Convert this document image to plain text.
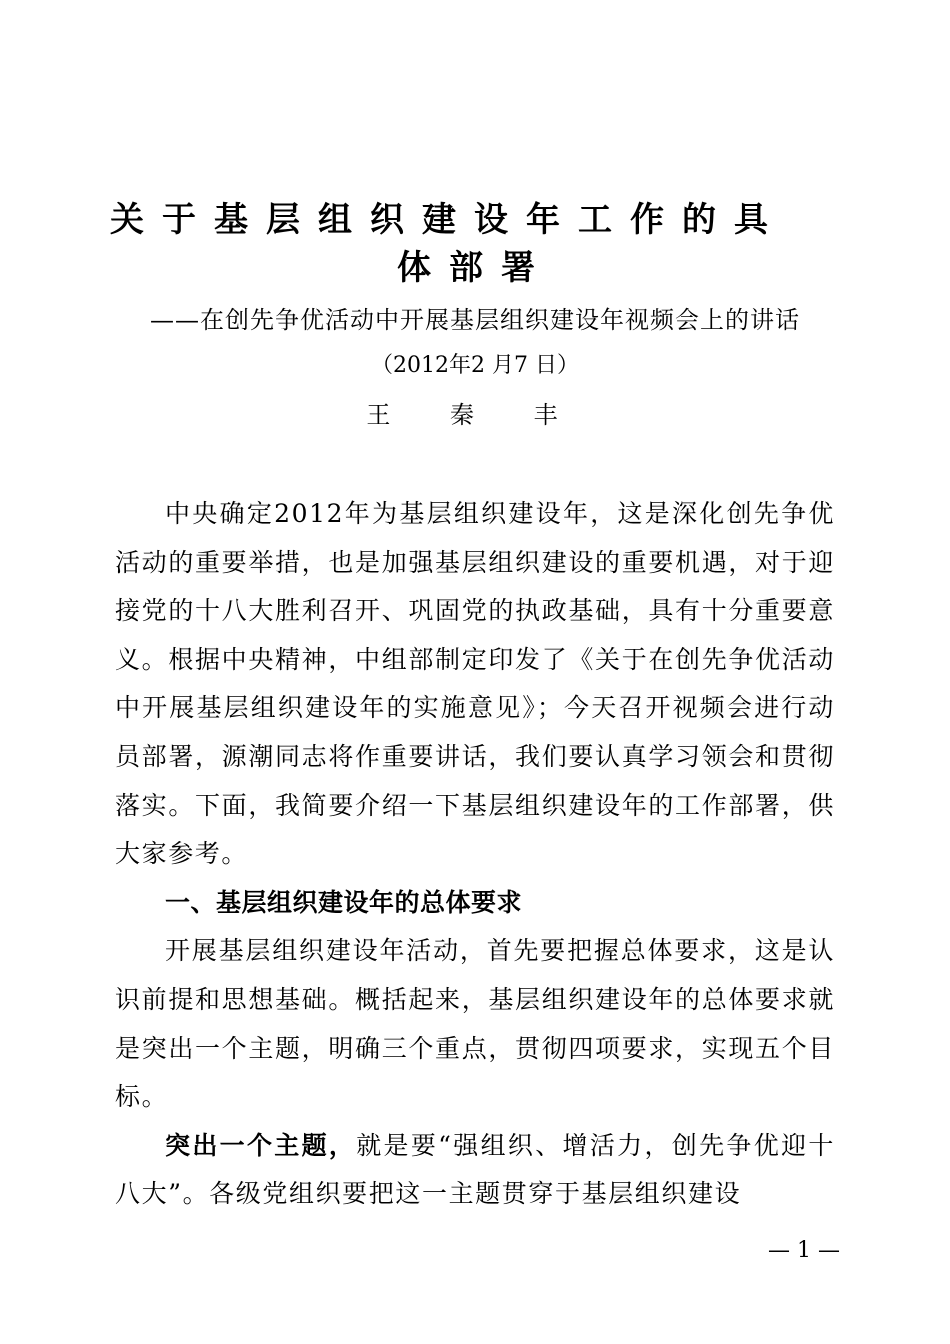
关于基层组织建设年工作的具
体部署
——在创先争优活动中开展基层组织建设年视频会上的讲话
（2012年2 月7 日）
王 秦 丰

中央确定2012年为基层组织建设年，这是深化创先争优活动的重要举措，也是加强基层组织建设的重要机遇，对于迎接党的十八大胜利召开、巩固党的执政基础，具有十分重要意义。根据中央精神，中组部制定印发了《关于在创先争优活动中开展基层组织建设年的实施意见》；今天召开视频会进行动员部署，源潮同志将作重要讲话，我们要认真学习领会和贯彻落实。下面，我简要介绍一下基层组织建设年的工作部署，供大家参考。

一、基层组织建设年的总体要求

开展基层组织建设年活动，首先要把握总体要求，这是认识前提和思想基础。概括起来，基层组织建设年的总体要求就是突出一个主题，明确三个重点，贯彻四项要求，实现五个目标。

突出一个主题，就是要“强组织、增活力，创先争优迎十八大”。各级党组织要把这一主题贯穿于基层组织建设

— 1 —
